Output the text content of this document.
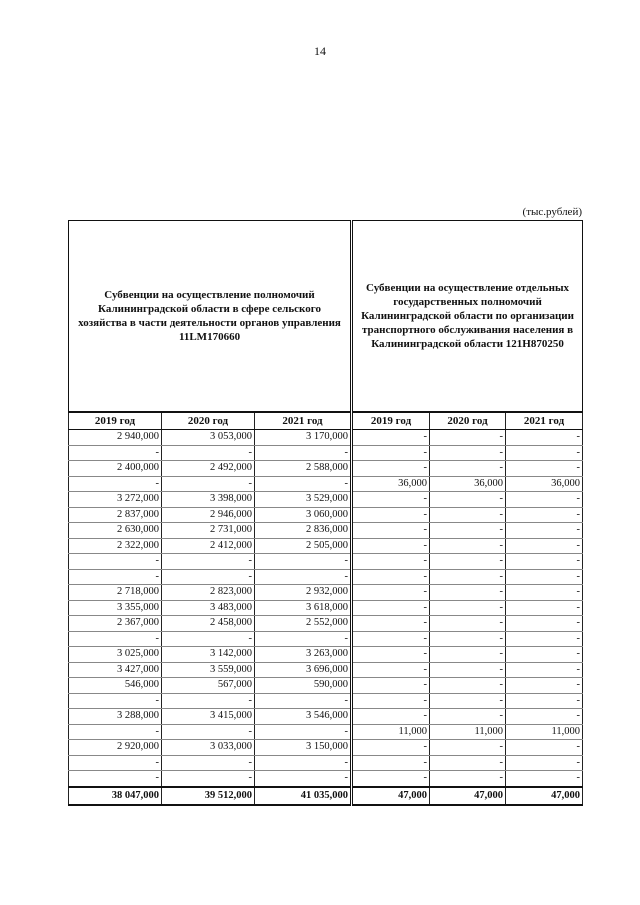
14
(тыс.рублей)
Субвенции на осуществление полномочий Калининградской области в сфере сельского хозяйства в части деятельности органов управления 11LМ170660			Субвенции на осуществление отдельных государственных полномочий Калининградской области по организации транспортного обслуживания населения в Калининградской области 121Н870250		
2019 год	2020 год	2021 год	2019 год	2020 год	2021 год
2 940,000	3 053,000	3 170,000	-	-	-
-	-	-	-	-	-
2 400,000	2 492,000	2 588,000	-	-	-
-	-	-	36,000	36,000	36,000
3 272,000	3 398,000	3 529,000	-	-	-
2 837,000	2 946,000	3 060,000	-	-	-
2 630,000	2 731,000	2 836,000	-	-	-
2 322,000	2 412,000	2 505,000	-	-	-
-	-	-	-	-	-
-	-	-	-	-	-
2 718,000	2 823,000	2 932,000	-	-	-
3 355,000	3 483,000	3 618,000	-	-	-
2 367,000	2 458,000	2 552,000	-	-	-
-	-	-	-	-	-
3 025,000	3 142,000	3 263,000	-	-	-
3 427,000	3 559,000	3 696,000	-	-	-
546,000	567,000	590,000	-	-	-
-	-	-	-	-	-
3 288,000	3 415,000	3 546,000	-	-	-
-	-	-	11,000	11,000	11,000
2 920,000	3 033,000	3 150,000	-	-	-
-	-	-	-	-	-
-	-	-	-	-	-
38 047,000	39 512,000	41 035,000	47,000	47,000	47,000
